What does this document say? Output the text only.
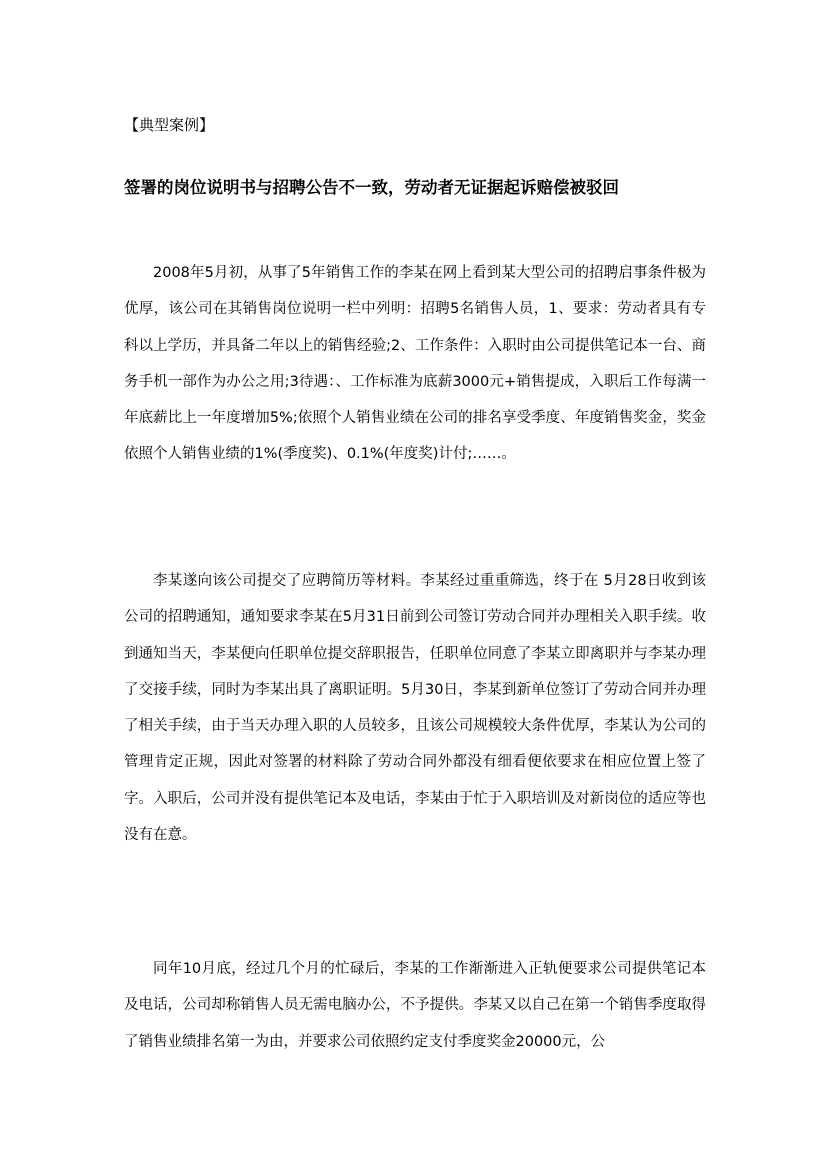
【典型案例】
签署的岗位说明书与招聘公告不一致，劳动者无证据起诉赔偿被驳回

2008年5月初，从事了5年销售工作的李某在网上看到某大型公司的招聘启事条件极为优厚，该公司在其销售岗位说明一栏中列明：招聘5名销售人员，1、要求：劳动者具有专科以上学历，并具备二年以上的销售经验;2、工作条件：入职时由公司提供笔记本一台、商务手机一部作为办公之用;3待遇：、工作标准为底薪3000元+销售提成，入职后工作每满一年底薪比上一年度增加5%;依照个人销售业绩在公司的排名享受季度、年度销售奖金，奖金依照个人销售业绩的1%(季度奖)、0.1%(年度奖)计付;……。

李某遂向该公司提交了应聘简历等材料。李某经过重重筛选，终于在 5月28日收到该公司的招聘通知，通知要求李某在5月31日前到公司签订劳动合同并办理相关入职手续。收到通知当天，李某便向任职单位提交辞职报告，任职单位同意了李某立即离职并与李某办理了交接手续，同时为李某出具了离职证明。5月30日，李某到新单位签订了劳动合同并办理了相关手续，由于当天办理入职的人员较多，且该公司规模较大条件优厚，李某认为公司的管理肯定正规，因此对签署的材料除了劳动合同外都没有细看便依要求在相应位置上签了字。入职后，公司并没有提供笔记本及电话，李某由于忙于入职培训及对新岗位的适应等也没有在意。

同年10月底，经过几个月的忙碌后，李某的工作渐渐进入正轨便要求公司提供笔记本及电话，公司却称销售人员无需电脑办公，不予提供。李某又以自己在第一个销售季度取得了销售业绩排名第一为由，并要求公司依照约定支付季度奖金20000元，公
